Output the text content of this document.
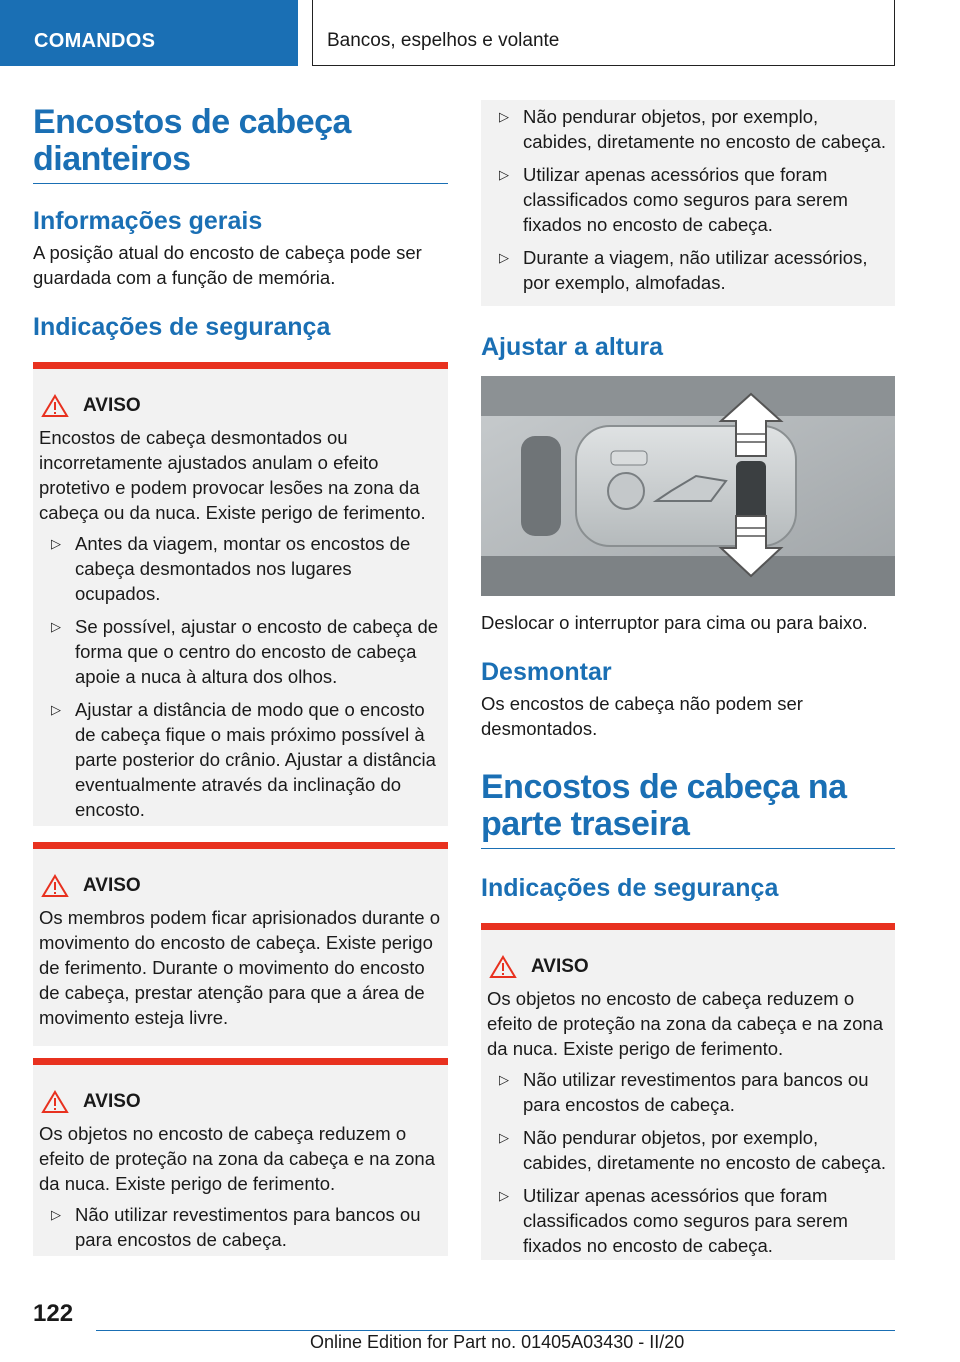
COMANDOS	Bancos, espelhos e volante
Encostos de cabeça dianteiros
Informações gerais
A posição atual do encosto de cabeça pode ser guardada com a função de memória.
Indicações de segurança
AVISO
Encostos de cabeça desmontados ou incorretamente ajustados anulam o efeito protetivo e podem provocar lesões na zona da cabeça ou da nuca. Existe perigo de ferimento.
▷ Antes da viagem, montar os encostos de cabeça desmontados nos lugares ocupados.
▷ Se possível, ajustar o encosto de cabeça de forma que o centro do encosto de cabeça apoie a nuca à altura dos olhos.
▷ Ajustar a distância de modo que o encosto de cabeça fique o mais próximo possível à parte posterior do crânio. Ajustar a distância eventualmente através da inclinação do encosto.
AVISO
Os membros podem ficar aprisionados durante o movimento do encosto de cabeça. Existe perigo de ferimento. Durante o movimento do encosto de cabeça, prestar atenção para que a área de movimento esteja livre.
AVISO
Os objetos no encosto de cabeça reduzem o efeito de proteção na zona da cabeça e na zona da nuca. Existe perigo de ferimento.
▷ Não utilizar revestimentos para bancos ou para encostos de cabeça.
▷ Não pendurar objetos, por exemplo, cabides, diretamente no encosto de cabeça.
▷ Utilizar apenas acessórios que foram classificados como seguros para serem fixados no encosto de cabeça.
▷ Durante a viagem, não utilizar acessórios, por exemplo, almofadas.
Ajustar a altura
Deslocar o interruptor para cima ou para baixo.
Desmontar
Os encostos de cabeça não podem ser desmontados.
Encostos de cabeça na parte traseira
Indicações de segurança
AVISO
Os objetos no encosto de cabeça reduzem o efeito de proteção na zona da cabeça e na zona da nuca. Existe perigo de ferimento.
▷ Não utilizar revestimentos para bancos ou para encostos de cabeça.
▷ Não pendurar objetos, por exemplo, cabides, diretamente no encosto de cabeça.
▷ Utilizar apenas acessórios que foram classificados como seguros para serem fixados no encosto de cabeça.
122
Online Edition for Part no. 01405A03430 - II/20
